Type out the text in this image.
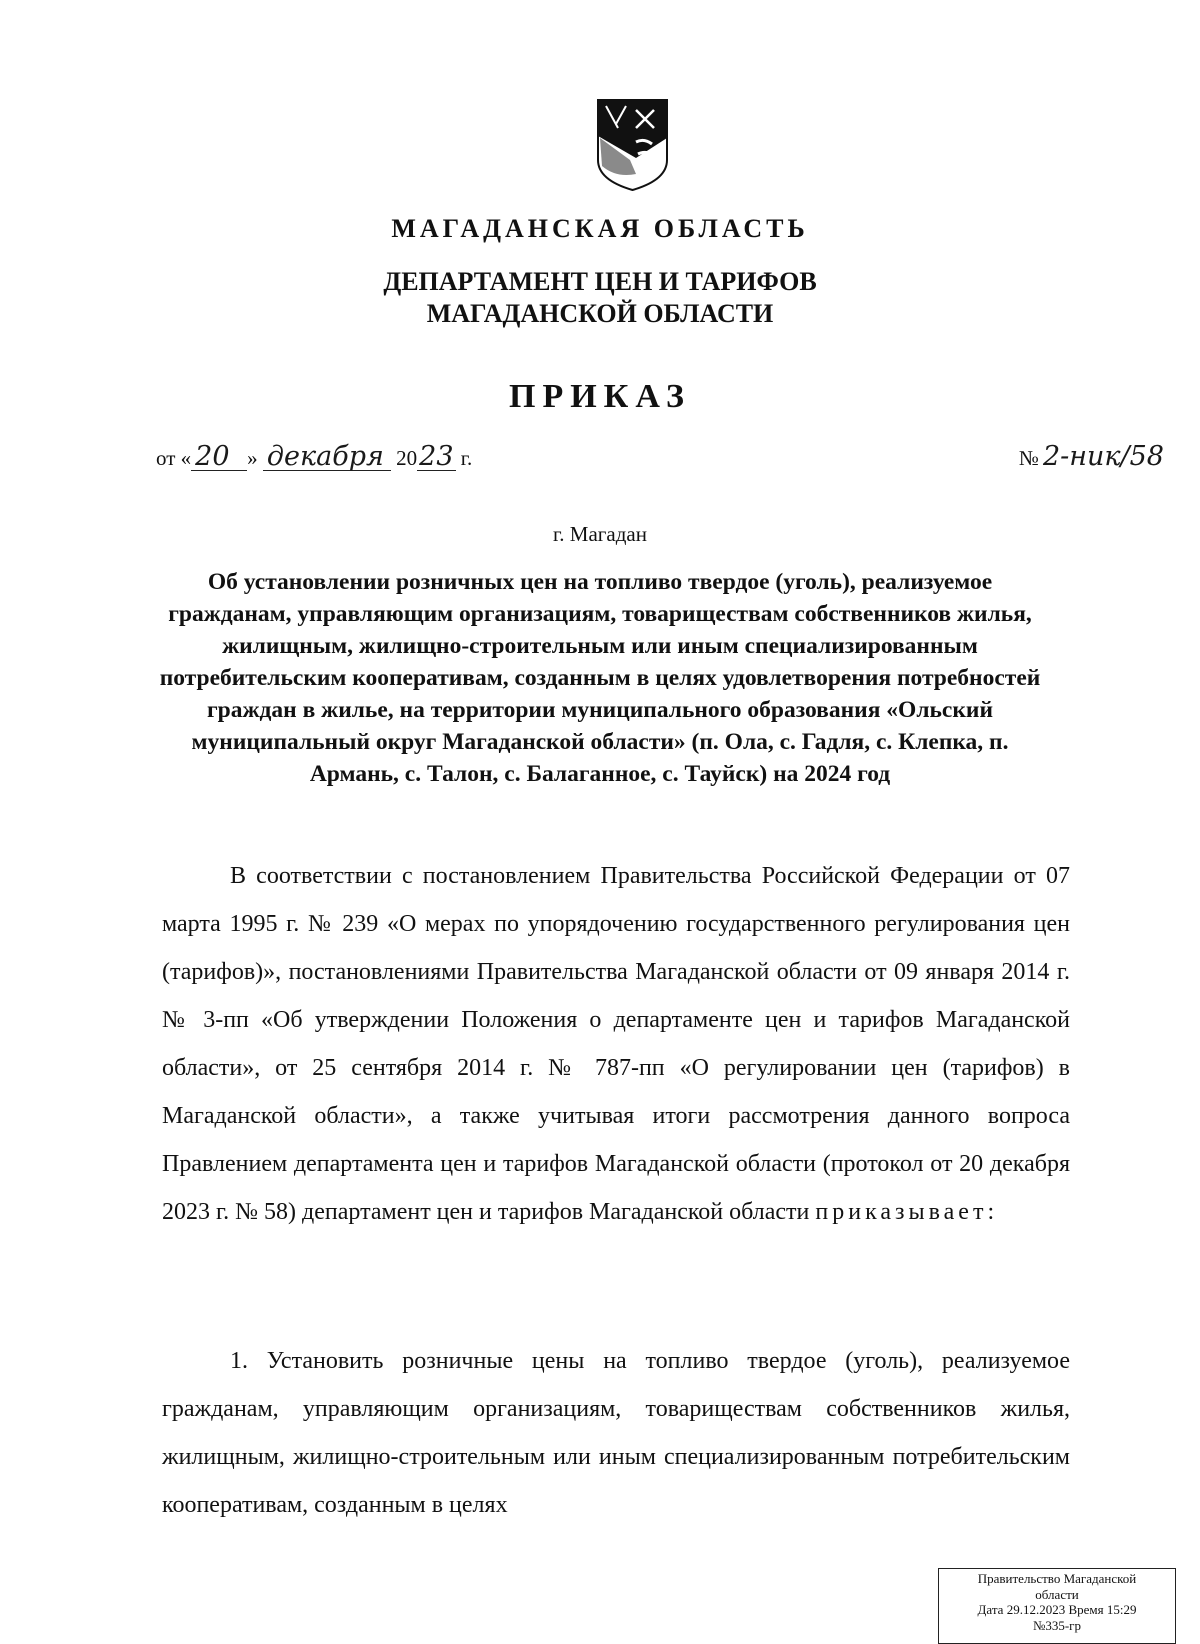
МАГАДАНСКАЯ ОБЛАСТЬ

ДЕПАРТАМЕНТ ЦЕН И ТАРИФОВ
МАГАДАНСКОЙ ОБЛАСТИ

ПРИКАЗ

от « 20 » декабря 2023 г.	№ 2-ник/58
г. Магадан

Об установлении розничных цен на топливо твердое (уголь), реализуемое гражданам, управляющим организациям, товариществам собственников жилья, жилищным, жилищно-строительным или иным специализированным потребительским кооперативам, созданным в целях удовлетворения потребностей граждан в жилье, на территории муниципального образования «Ольский муниципальный округ Магаданской области» (п. Ола, с. Гадля, с. Клепка, п. Армань, с. Талон, с. Балаганное, с. Тауйск) на 2024 год

В соответствии с постановлением Правительства Российской Федерации от 07 марта 1995 г. № 239 «О мерах по упорядочению государственного регулирования цен (тарифов)», постановлениями Правительства Магаданской области от 09 января 2014 г. № 3-пп «Об утверждении Положения о департаменте цен и тарифов Магаданской области», от 25 сентября 2014 г. № 787-пп «О регулировании цен (тарифов) в Магаданской области», а также учитывая итоги рассмотрения данного вопроса Правлением департамента цен и тарифов Магаданской области (протокол от 20 декабря 2023 г. № 58) департамент цен и тарифов Магаданской области приказывает:

1. Установить розничные цены на топливо твердое (уголь), реализуемое гражданам, управляющим организациям, товариществам собственников жилья, жилищным, жилищно-строительным или иным специализированным потребительским кооперативам, созданным в целях

Правительство Магаданской
области
Дата 29.12.2023 Время 15:29
№335-гр
